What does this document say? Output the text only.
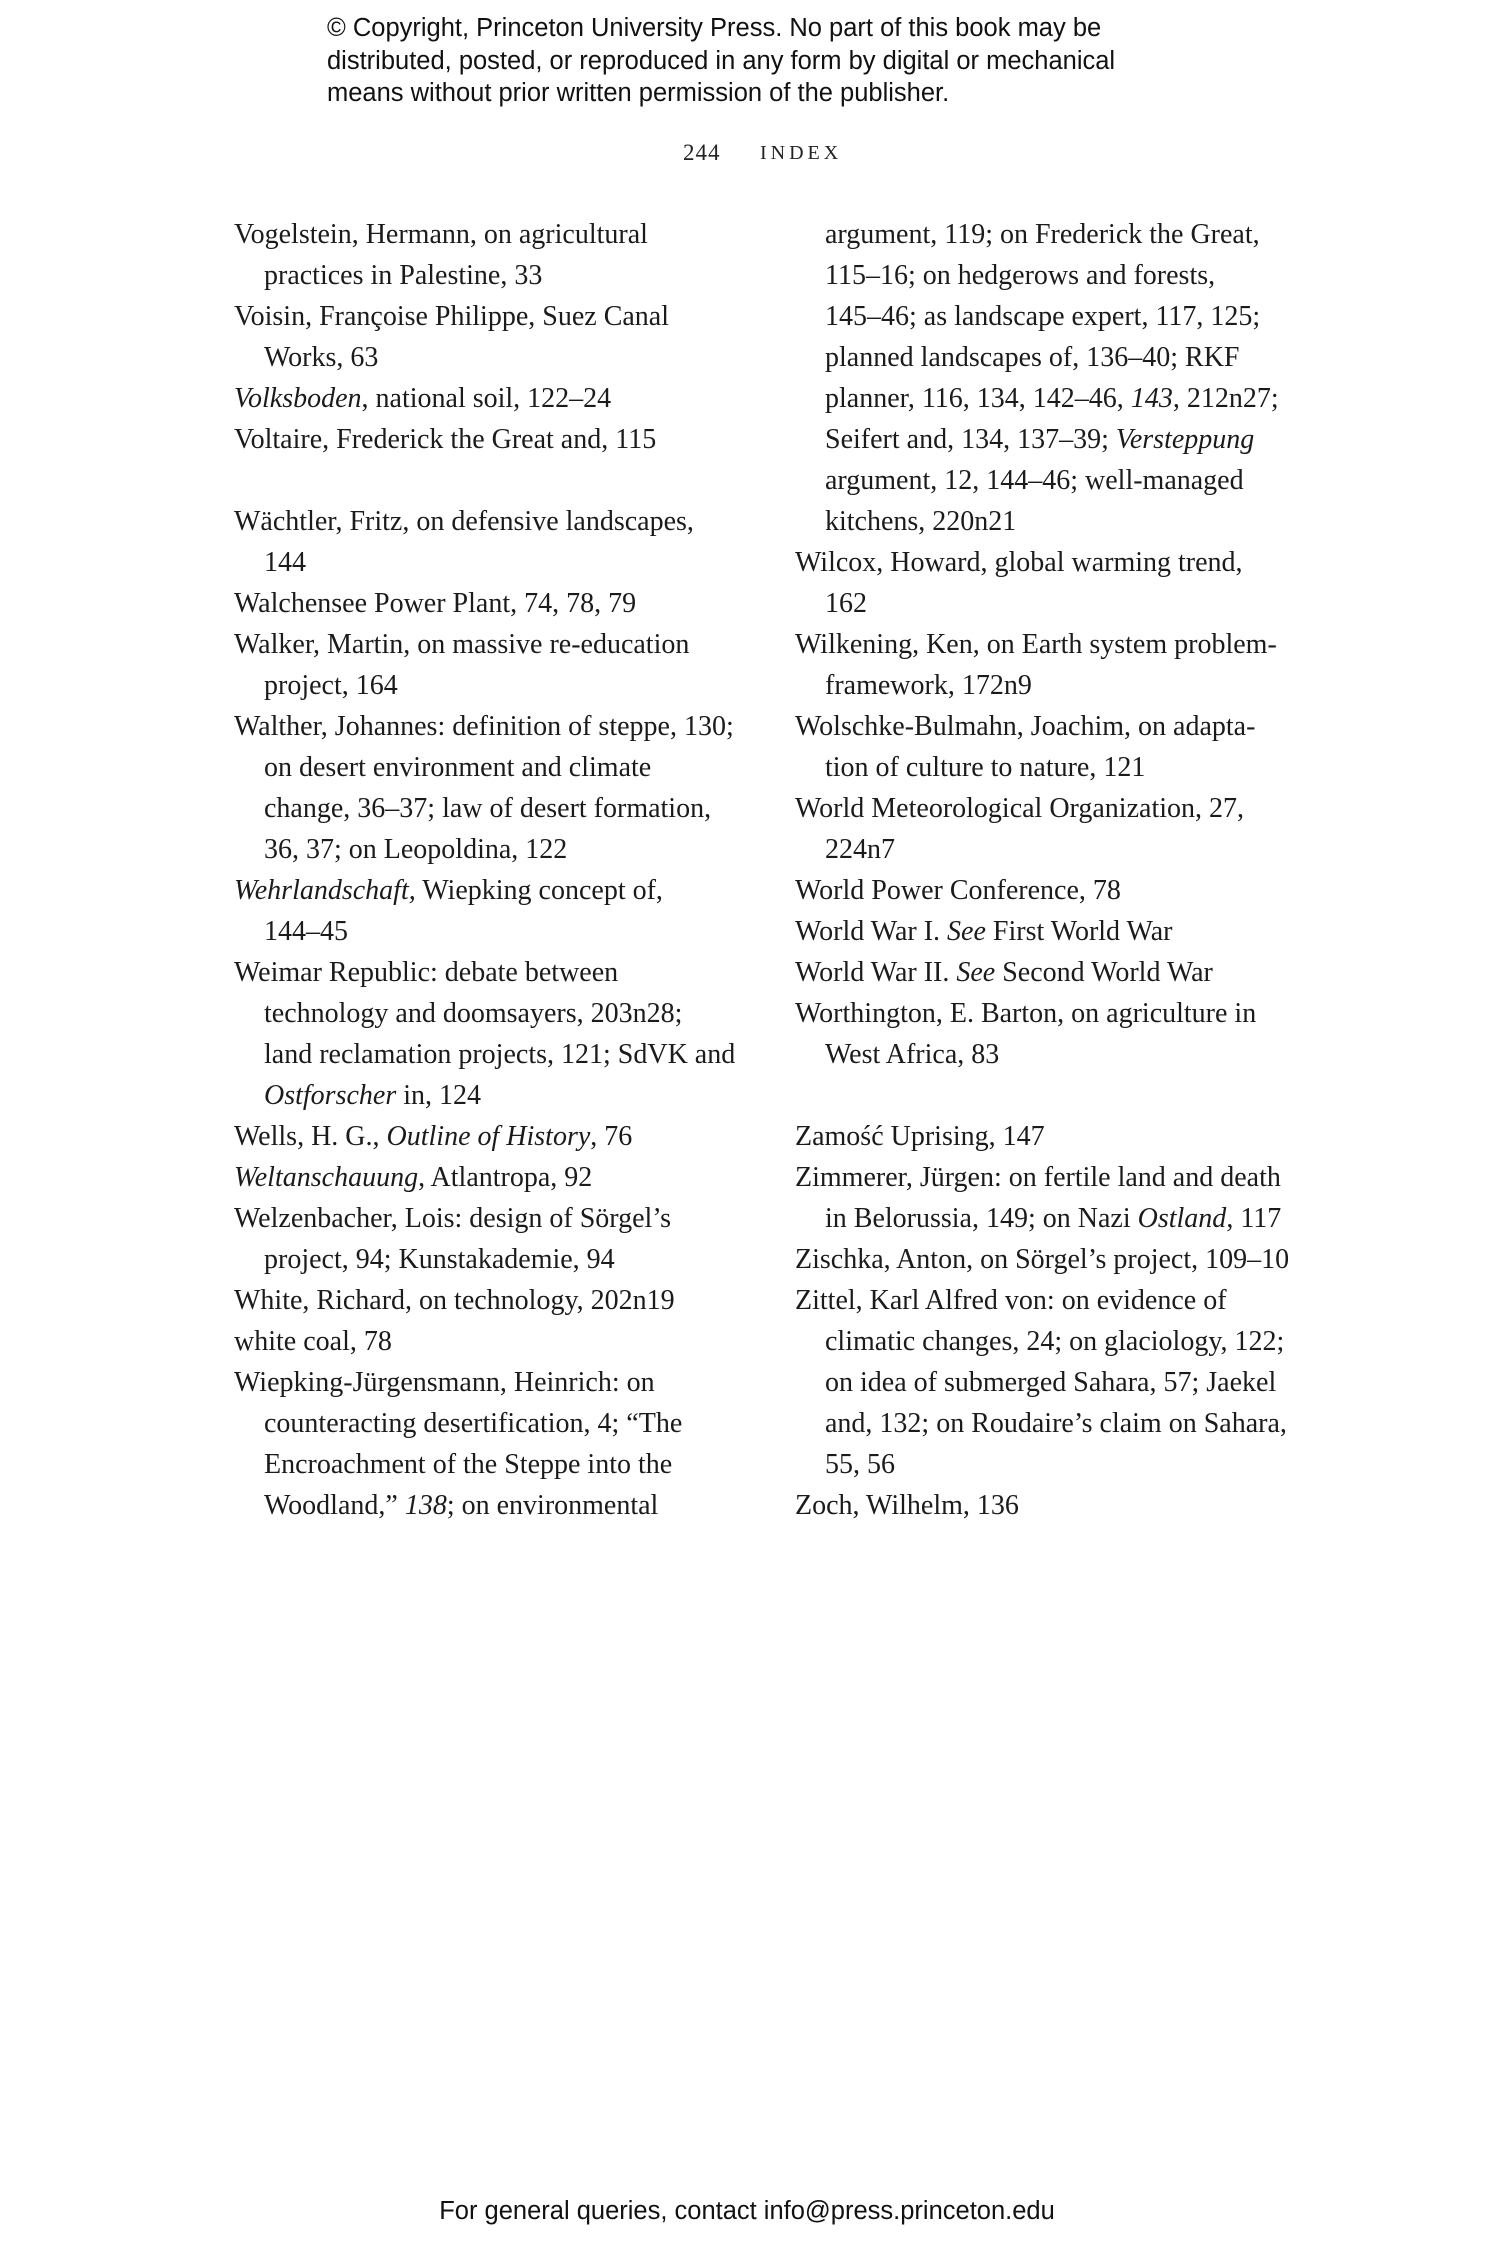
© Copyright, Princeton University Press. No part of this book may be
distributed, posted, or reproduced in any form by digital or mechanical
means without prior written permission of the publisher.
244 INDEX
Vogelstein, Hermann, on agricultural
practices in Palestine, 33
Voisin, Françoise Philippe, Suez Canal
Works, 63
Volksboden, national soil, 122–24
Voltaire, Frederick the Great and, 115
Wächtler, Fritz, on defensive landscapes,
144
Walchensee Power Plant, 74, 78, 79
Walker, Martin, on massive re-education
project, 164
Walther, Johannes: definition of steppe, 130;
on desert environment and climate
change, 36–37; law of desert formation,
36, 37; on Leopoldina, 122
Wehrlandschaft, Wiepking concept of,
144–45
Weimar Republic: debate between
technology and doomsayers, 203n28;
land reclamation projects, 121; SdVK and
Ostforscher in, 124
Wells, H. G., Outline of History, 76
Weltanschauung, Atlantropa, 92
Welzenbacher, Lois: design of Sörgel’s
project, 94; Kunstakademie, 94
White, Richard, on technology, 202n19
white coal, 78
Wiepking-Jürgensmann, Heinrich: on
counteracting desertification, 4; “The
Encroachment of the Steppe into the
Woodland,” 138; on environmental
argument, 119; on Frederick the Great,
115–16; on hedgerows and forests,
145–46; as landscape expert, 117, 125;
planned landscapes of, 136–40; RKF
planner, 116, 134, 142–46, 143, 212n27;
Seifert and, 134, 137–39; Versteppung
argument, 12, 144–46; well-managed
kitchens, 220n21
Wilcox, Howard, global warming trend,
162
Wilkening, Ken, on Earth system problem-
framework, 172n9
Wolschke-Bulmahn, Joachim, on adapta-
tion of culture to nature, 121
World Meteorological Organization, 27,
224n7
World Power Conference, 78
World War I. See First World War
World War II. See Second World War
Worthington, E. Barton, on agriculture in
West Africa, 83
Zamość Uprising, 147
Zimmerer, Jürgen: on fertile land and death
in Belorussia, 149; on Nazi Ostland, 117
Zischka, Anton, on Sörgel’s project, 109–10
Zittel, Karl Alfred von: on evidence of
climatic changes, 24; on glaciology, 122;
on idea of submerged Sahara, 57; Jaekel
and, 132; on Roudaire’s claim on Sahara,
55, 56
Zoch, Wilhelm, 136
For general queries, contact info@press.princeton.edu
